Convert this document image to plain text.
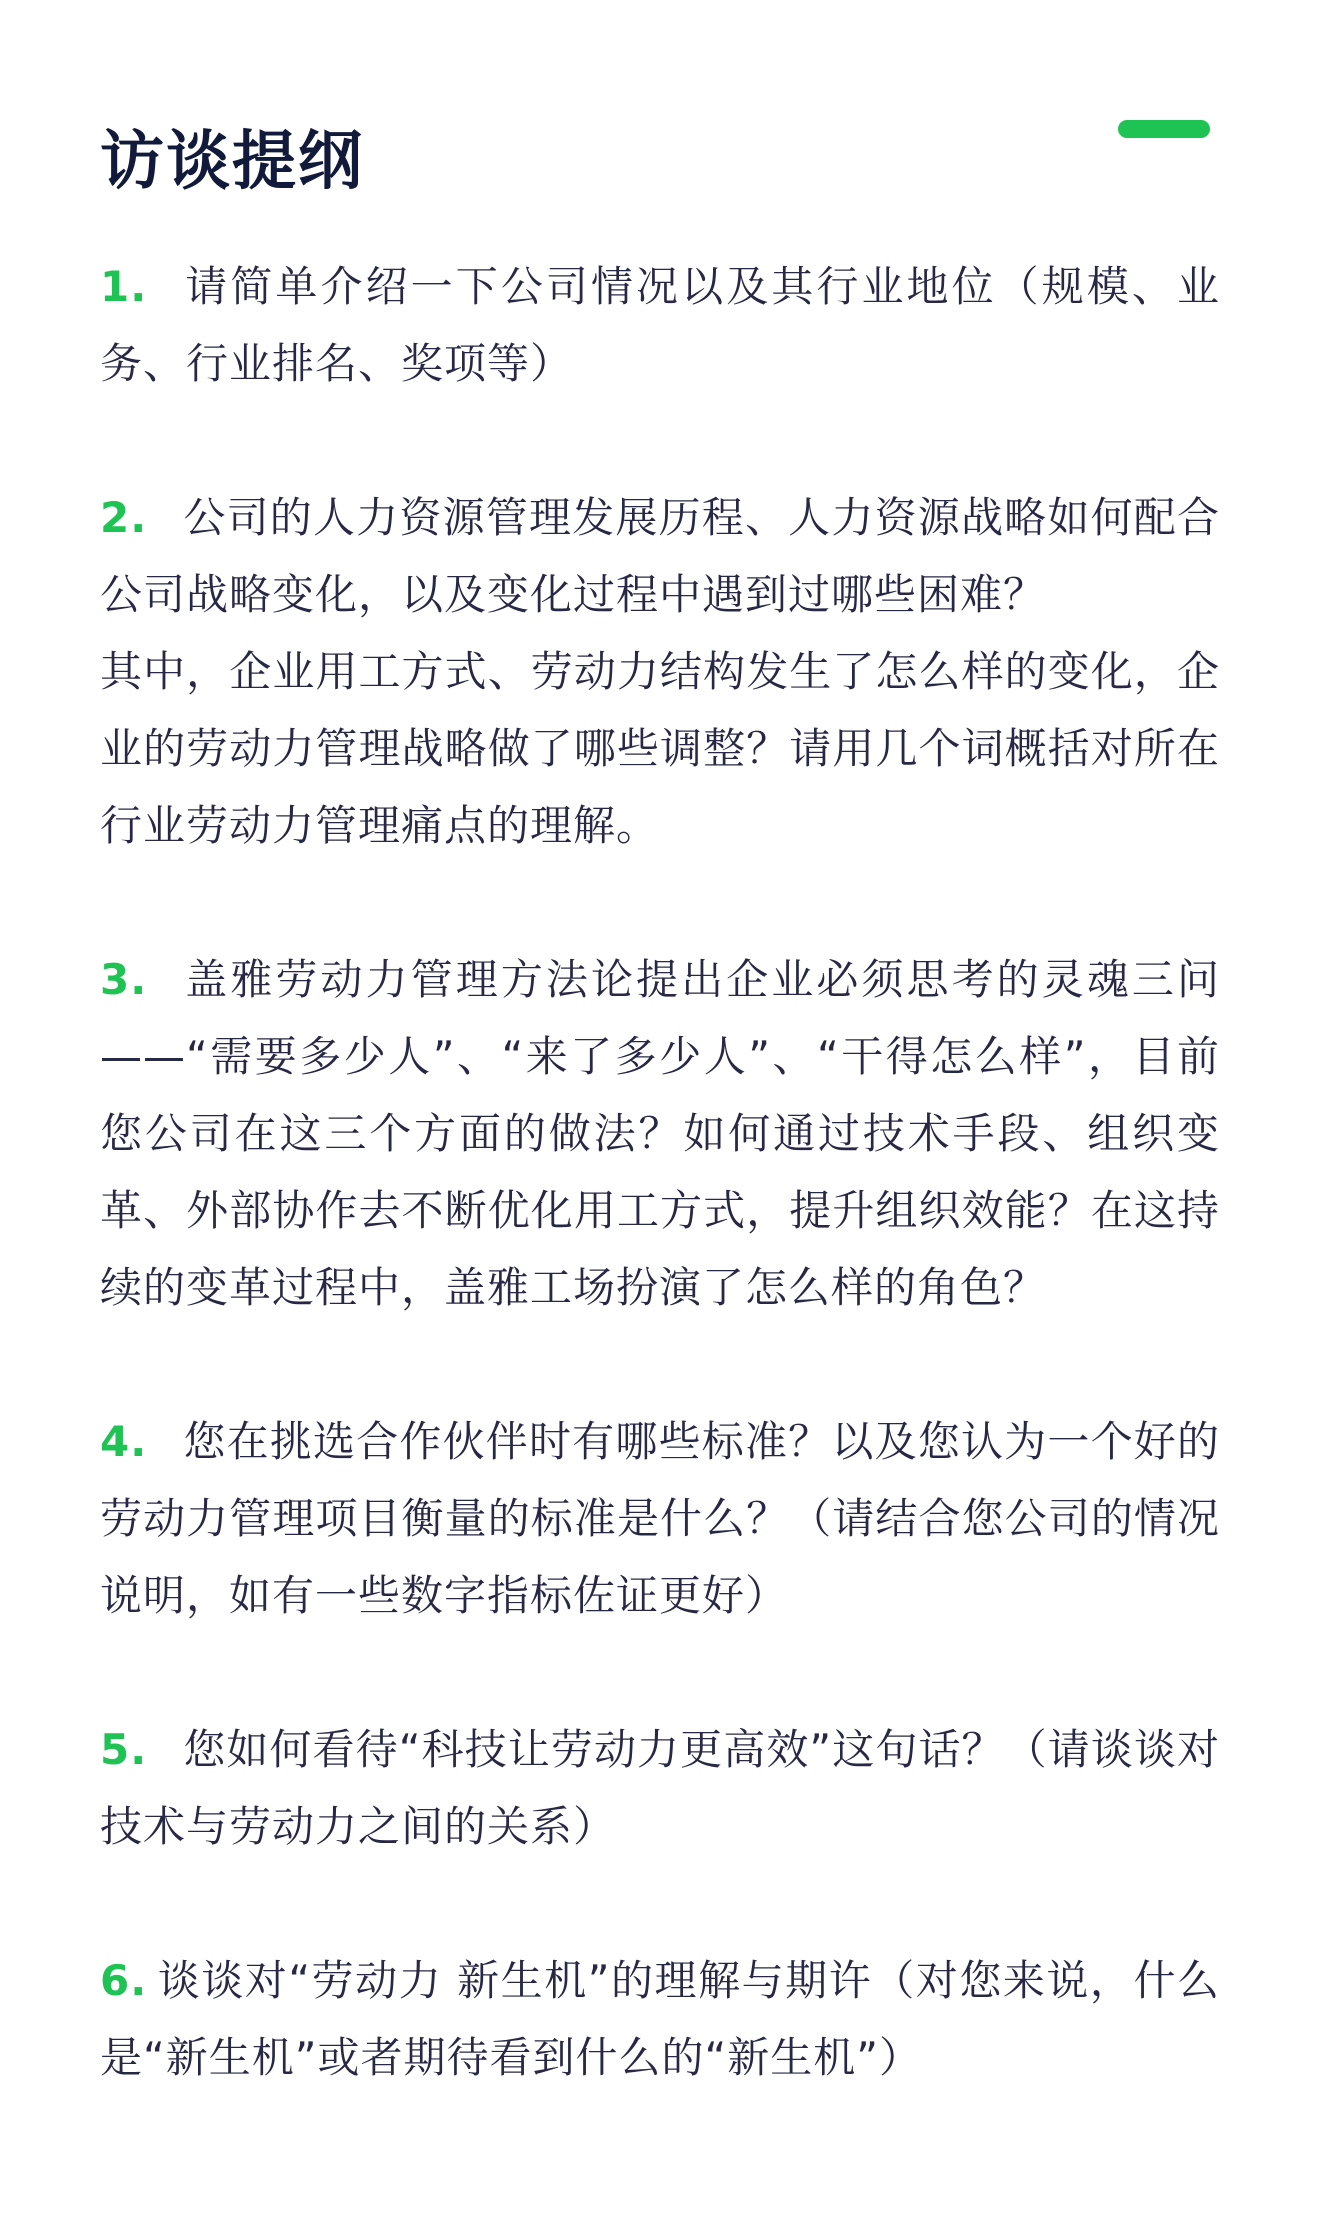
访谈提纲
1. 请简单介绍一下公司情况以及其行业地位（规模、业务、行业排名、奖项等）
2. 公司的人力资源管理发展历程、人力资源战略如何配合公司战略变化，以及变化过程中遇到过哪些困难？
其中，企业用工方式、劳动力结构发生了怎么样的变化，企业的劳动力管理战略做了哪些调整？请用几个词概括对所在行业劳动力管理痛点的理解。
3. 盖雅劳动力管理方法论提出企业必须思考的灵魂三问——“需要多少人”、“来了多少人”、“干得怎么样”，目前您公司在这三个方面的做法？如何通过技术手段、组织变革、外部协作去不断优化用工方式，提升组织效能？在这持续的变革过程中，盖雅工场扮演了怎么样的角色？
4. 您在挑选合作伙伴时有哪些标准？以及您认为一个好的劳动力管理项目衡量的标准是什么？（请结合您公司的情况说明，如有一些数字指标佐证更好）
5. 您如何看待“科技让劳动力更高效”这句话？（请谈谈对技术与劳动力之间的关系）
6. 谈谈对“劳动力 新生机”的理解与期许（对您来说，什么是“新生机”或者期待看到什么的“新生机”）
